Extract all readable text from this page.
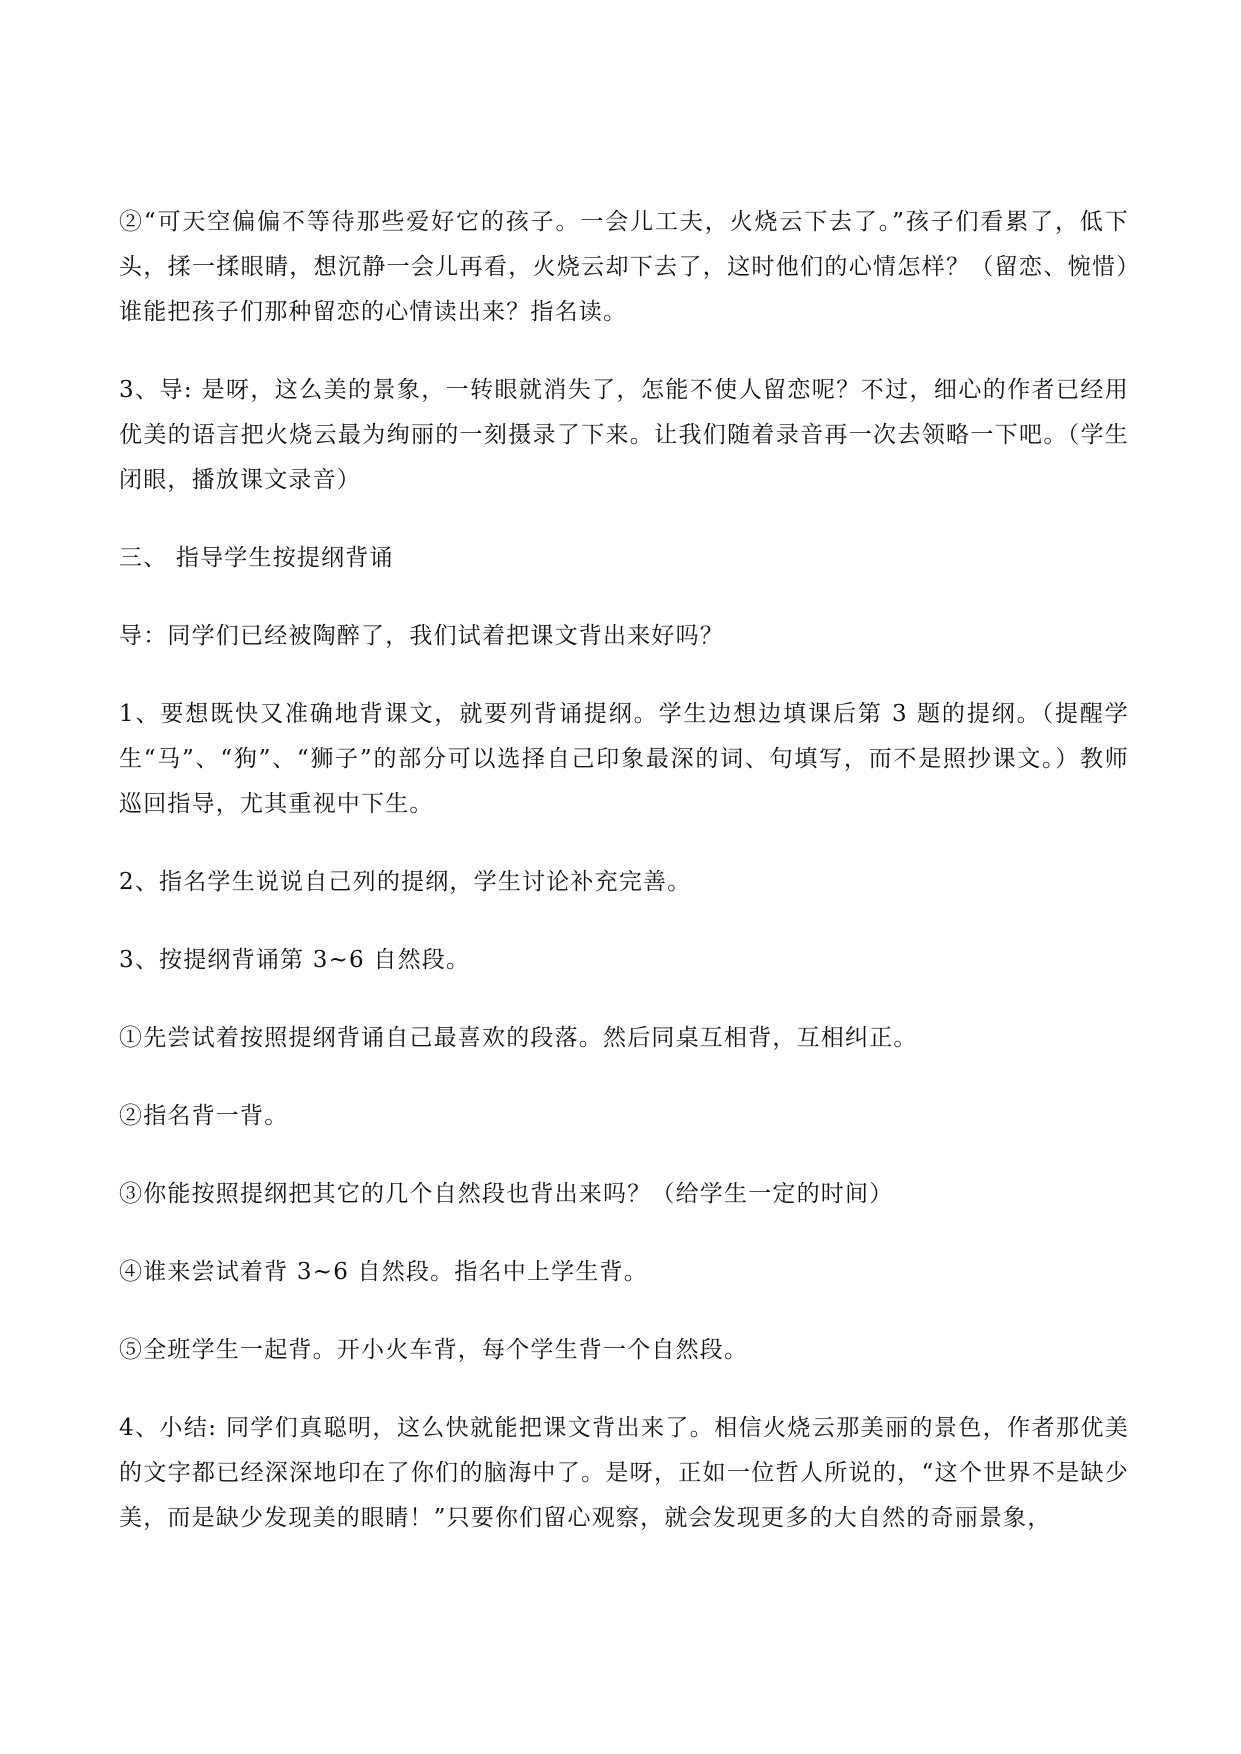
②“可天空偏偏不等待那些爱好它的孩子。一会儿工夫，火烧云下去了。”孩子们看累了，低下头，揉一揉眼睛，想沉静一会儿再看，火烧云却下去了，这时他们的心情怎样？（留恋、惋惜）谁能把孩子们那种留恋的心情读出来？指名读。

3、导: 是呀，这么美的景象，一转眼就消失了，怎能不使人留恋呢？不过，细心的作者已经用优美的语言把火烧云最为绚丽的一刻摄录了下来。让我们随着录音再一次去领略一下吧。（学生闭眼，播放课文录音）

三、 指导学生按提纲背诵

导：同学们已经被陶醉了，我们试着把课文背出来好吗？

1、要想既快又准确地背课文，就要列背诵提纲。学生边想边填课后第 3 题的提纲。（提醒学生“马”、“狗”、“狮子”的部分可以选择自己印象最深的词、句填写，而不是照抄课文。）教师巡回指导，尤其重视中下生。

2、指名学生说说自己列的提纲，学生讨论补充完善。

3、按提纲背诵第 3~6 自然段。

①先尝试着按照提纲背诵自己最喜欢的段落。然后同桌互相背，互相纠正。

②指名背一背。

③你能按照提纲把其它的几个自然段也背出来吗？（给学生一定的时间）

④谁来尝试着背 3~6 自然段。指名中上学生背。

⑤全班学生一起背。开小火车背，每个学生背一个自然段。

4、小结: 同学们真聪明，这么快就能把课文背出来了。相信火烧云那美丽的景色，作者那优美的文字都已经深深地印在了你们的脑海中了。是呀，正如一位哲人所说的，“这个世界不是缺少美，而是缺少发现美的眼睛！”只要你们留心观察，就会发现更多的大自然的奇丽景象，
